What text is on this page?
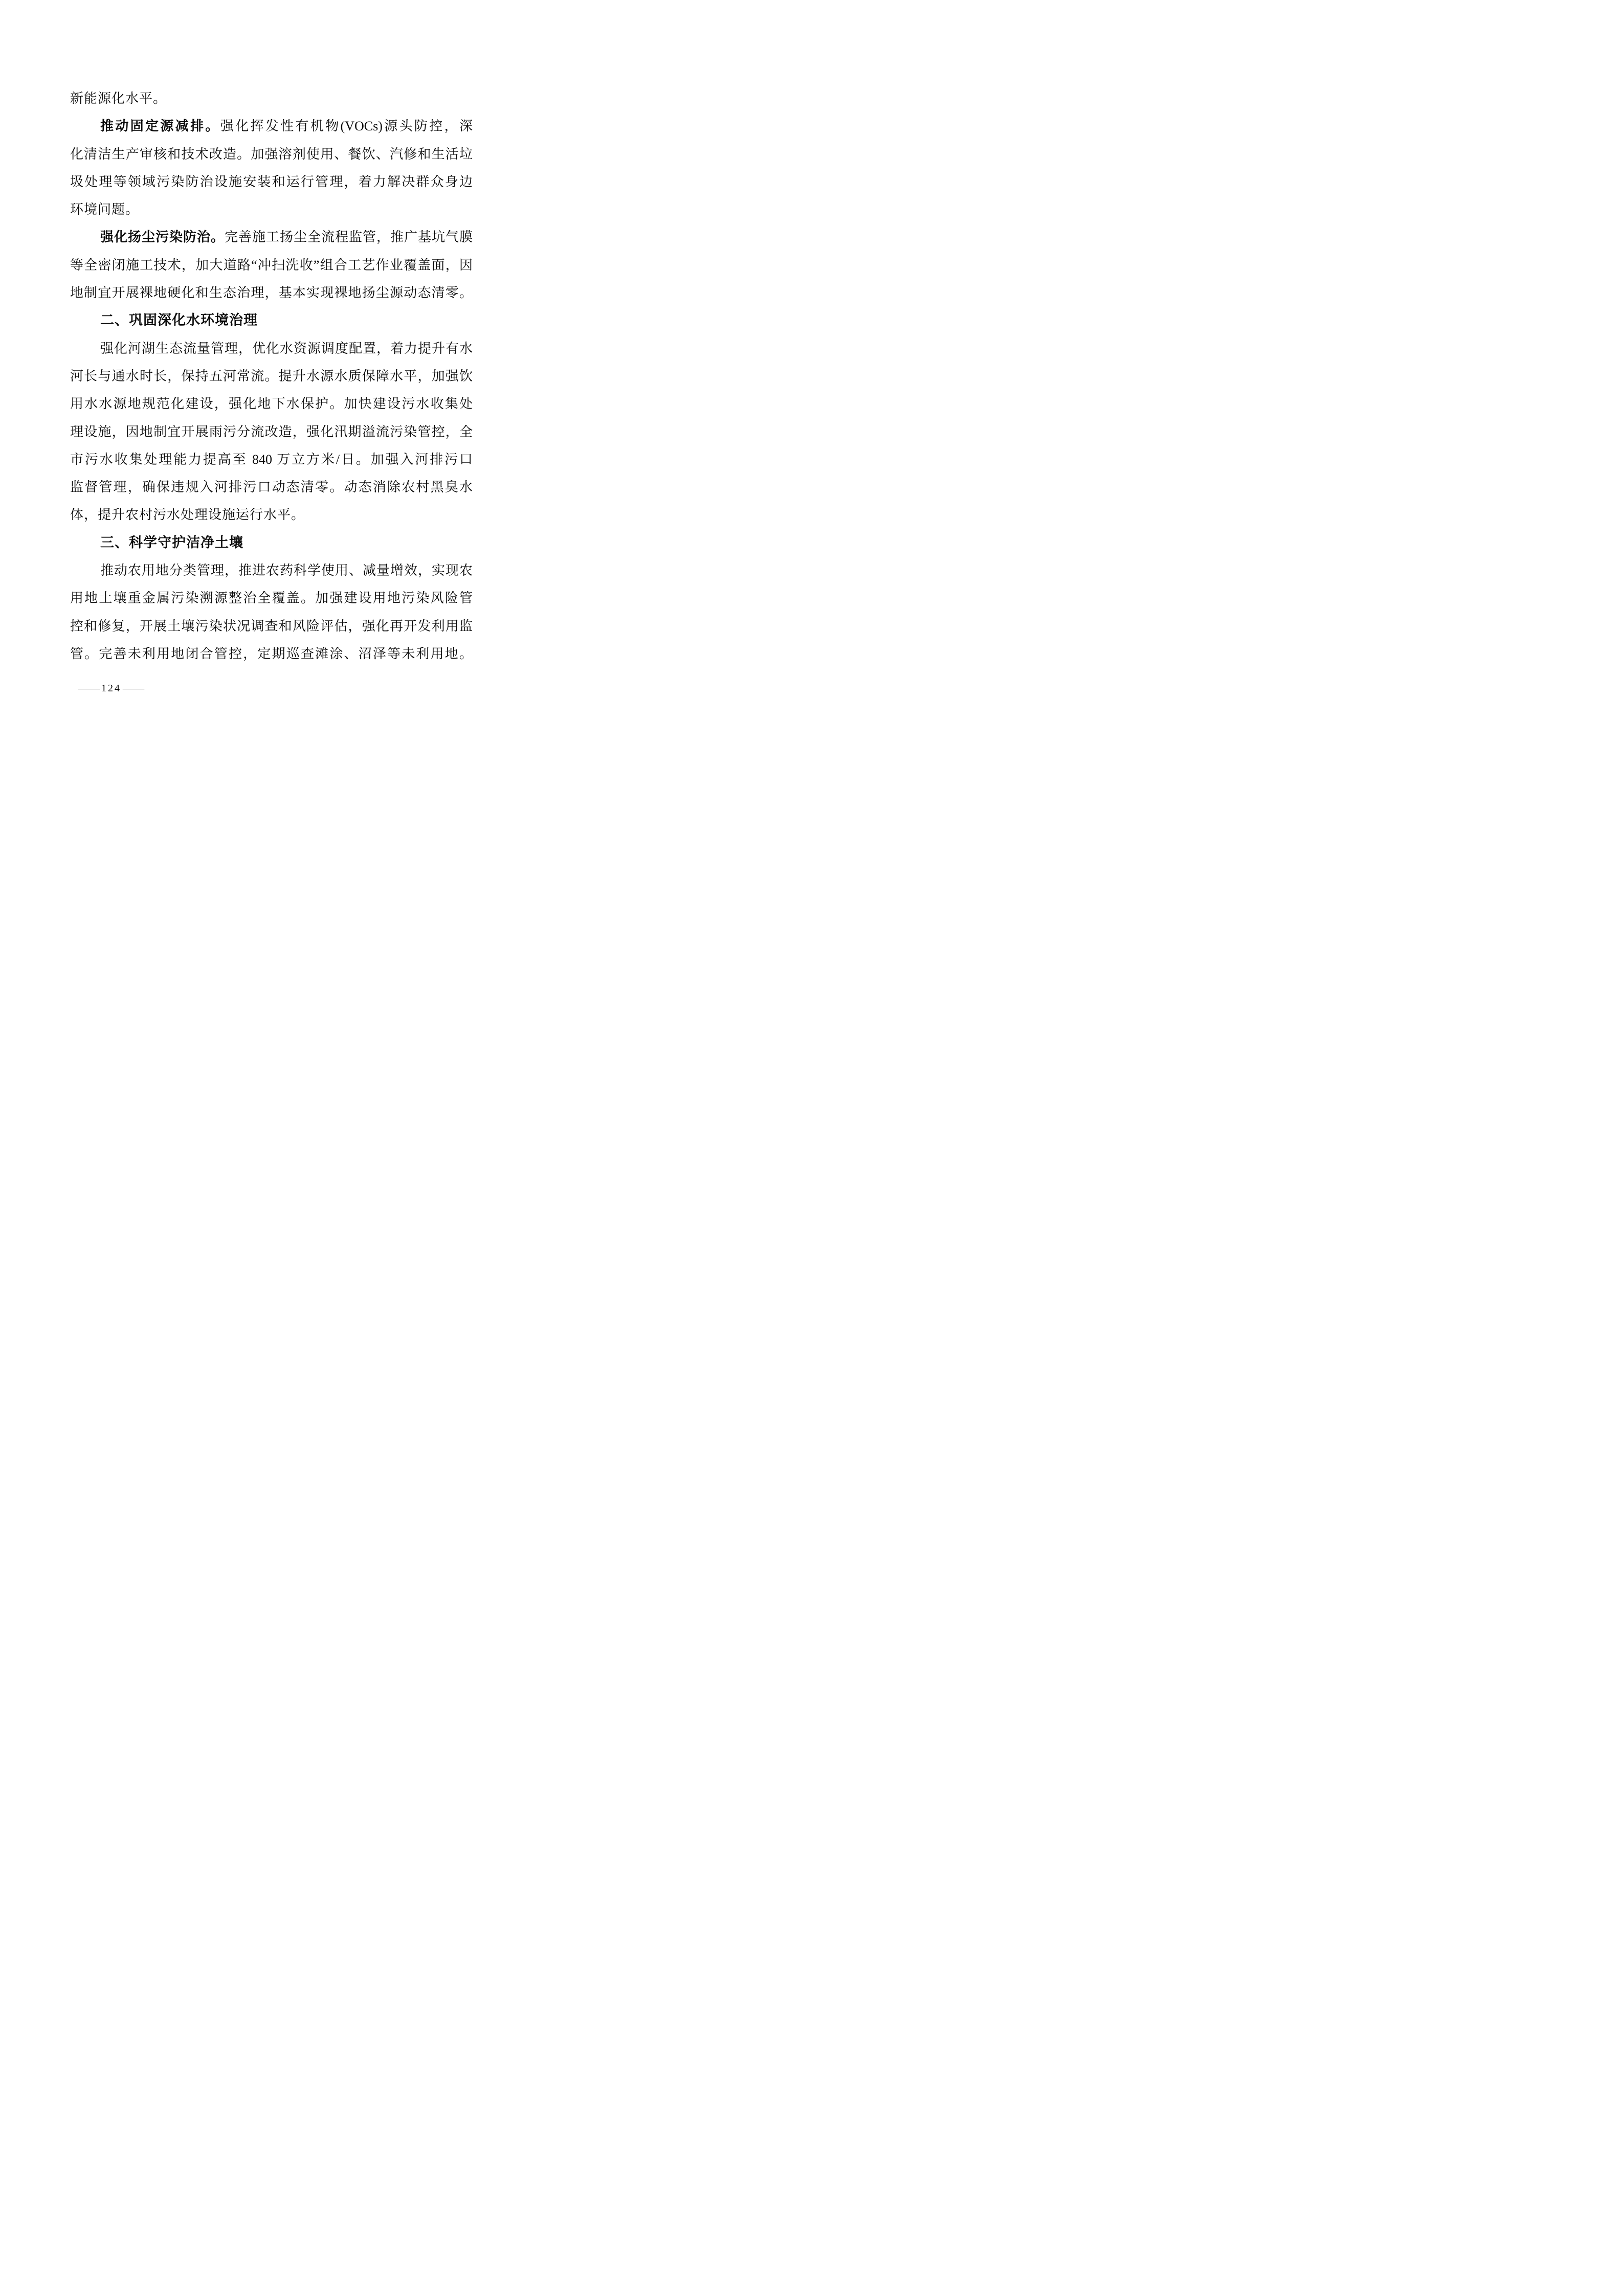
新能源化水平。
推动固定源减排。强化挥发性有机物(VOCs)源头防控，深
化清洁生产审核和技术改造。加强溶剂使用、餐饮、汽修和生活垃
圾处理等领域污染防治设施安装和运行管理，着力解决群众身边
环境问题。
强化扬尘污染防治。完善施工扬尘全流程监管，推广基坑气膜
等全密闭施工技术，加大道路“冲扫洗收”组合工艺作业覆盖面，因
地制宜开展裸地硬化和生态治理，基本实现裸地扬尘源动态清零。
二、巩固深化水环境治理
强化河湖生态流量管理，优化水资源调度配置，着力提升有水
河长与通水时长，保持五河常流。提升水源水质保障水平，加强饮
用水水源地规范化建设，强化地下水保护。加快建设污水收集处
理设施，因地制宜开展雨污分流改造，强化汛期溢流污染管控，全
市污水收集处理能力提高至 840 万立方米/日。加强入河排污口
监督管理，确保违规入河排污口动态清零。动态消除农村黑臭水
体，提升农村污水处理设施运行水平。
三、科学守护洁净土壤
推动农用地分类管理，推进农药科学使用、减量增效，实现农
用地土壤重金属污染溯源整治全覆盖。加强建设用地污染风险管
控和修复，开展土壤污染状况调查和风险评估，强化再开发利用监
管。完善未利用地闭合管控，定期巡查滩涂、沼泽等未利用地。
— 124 —
